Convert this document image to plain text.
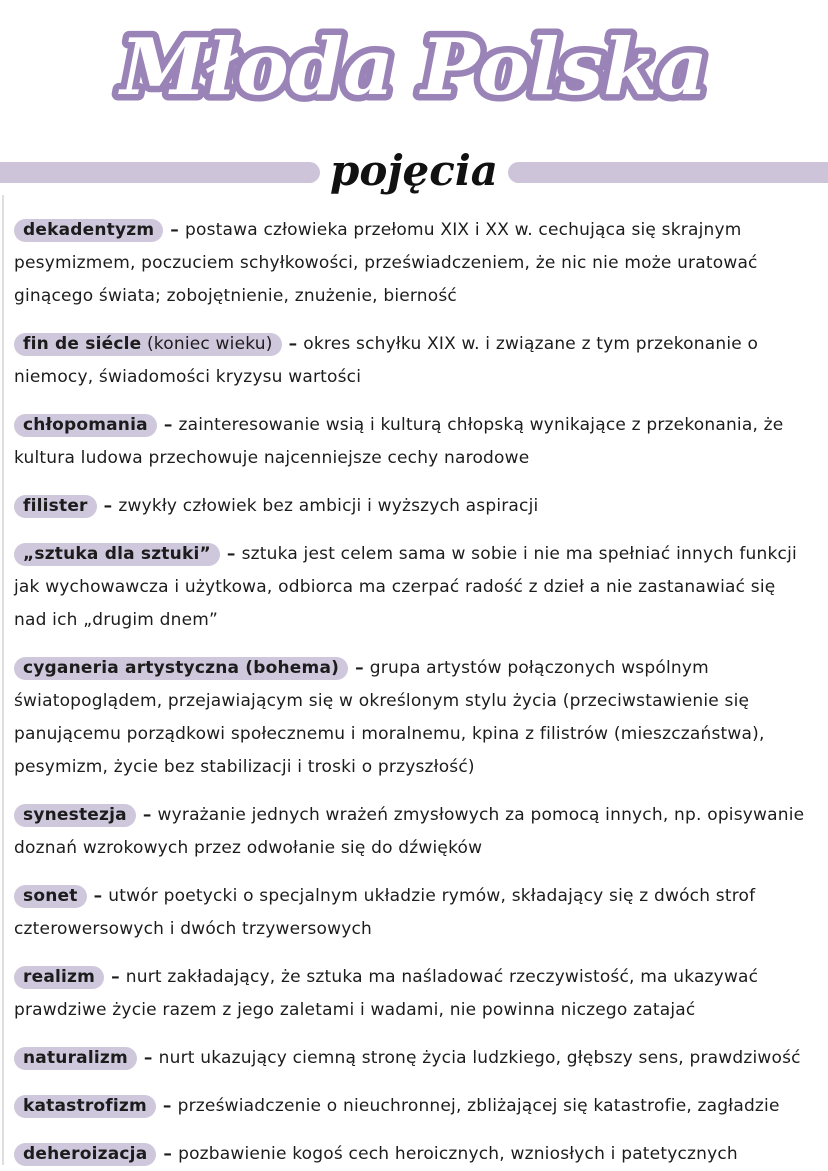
Młoda Polska
pojęcia

dekadentyzm – postawa człowieka przełomu XIX i XX w. cechująca się skrajnym pesymizmem, poczuciem schyłkowości, przeświadczeniem, że nic nie może uratować ginącego świata; zobojętnienie, znużenie, bierność

fin de siécle (koniec wieku) – okres schyłku XIX w. i związane z tym przekonanie o niemocy, świadomości kryzysu wartości

chłopomania – zainteresowanie wsią i kulturą chłopską wynikające z przekonania, że kultura ludowa przechowuje najcenniejsze cechy narodowe

filister – zwykły człowiek bez ambicji i wyższych aspiracji

„sztuka dla sztuki” – sztuka jest celem sama w sobie i nie ma spełniać innych funkcji jak wychowawcza i użytkowa, odbiorca ma czerpać radość z dzieł a nie zastanawiać się nad ich „drugim dnem”

cyganeria artystyczna (bohema) – grupa artystów połączonych wspólnym światopoglądem, przejawiającym się w określonym stylu życia (przeciwstawienie się panującemu porządkowi społecznemu i moralnemu, kpina z filistrów (mieszczaństwa), pesymizm, życie bez stabilizacji i troski o przyszłość)

synestezja – wyrażanie jednych wrażeń zmysłowych za pomocą innych, np. opisywanie doznań wzrokowych przez odwołanie się do dźwięków

sonet – utwór poetycki o specjalnym układzie rymów, składający się z dwóch strof czterowersowych i dwóch trzywersowych

realizm – nurt zakładający, że sztuka ma naśladować rzeczywistość, ma ukazywać prawdziwe życie razem z jego zaletami i wadami, nie powinna niczego zatajać

naturalizm – nurt ukazujący ciemną stronę życia ludzkiego, głębszy sens, prawdziwość

katastrofizm – przeświadczenie o nieuchronnej, zbliżającej się katastrofie, zagładzie

deheroizacja – pozbawienie kogoś cech heroicznych, wzniosłych i patetycznych
